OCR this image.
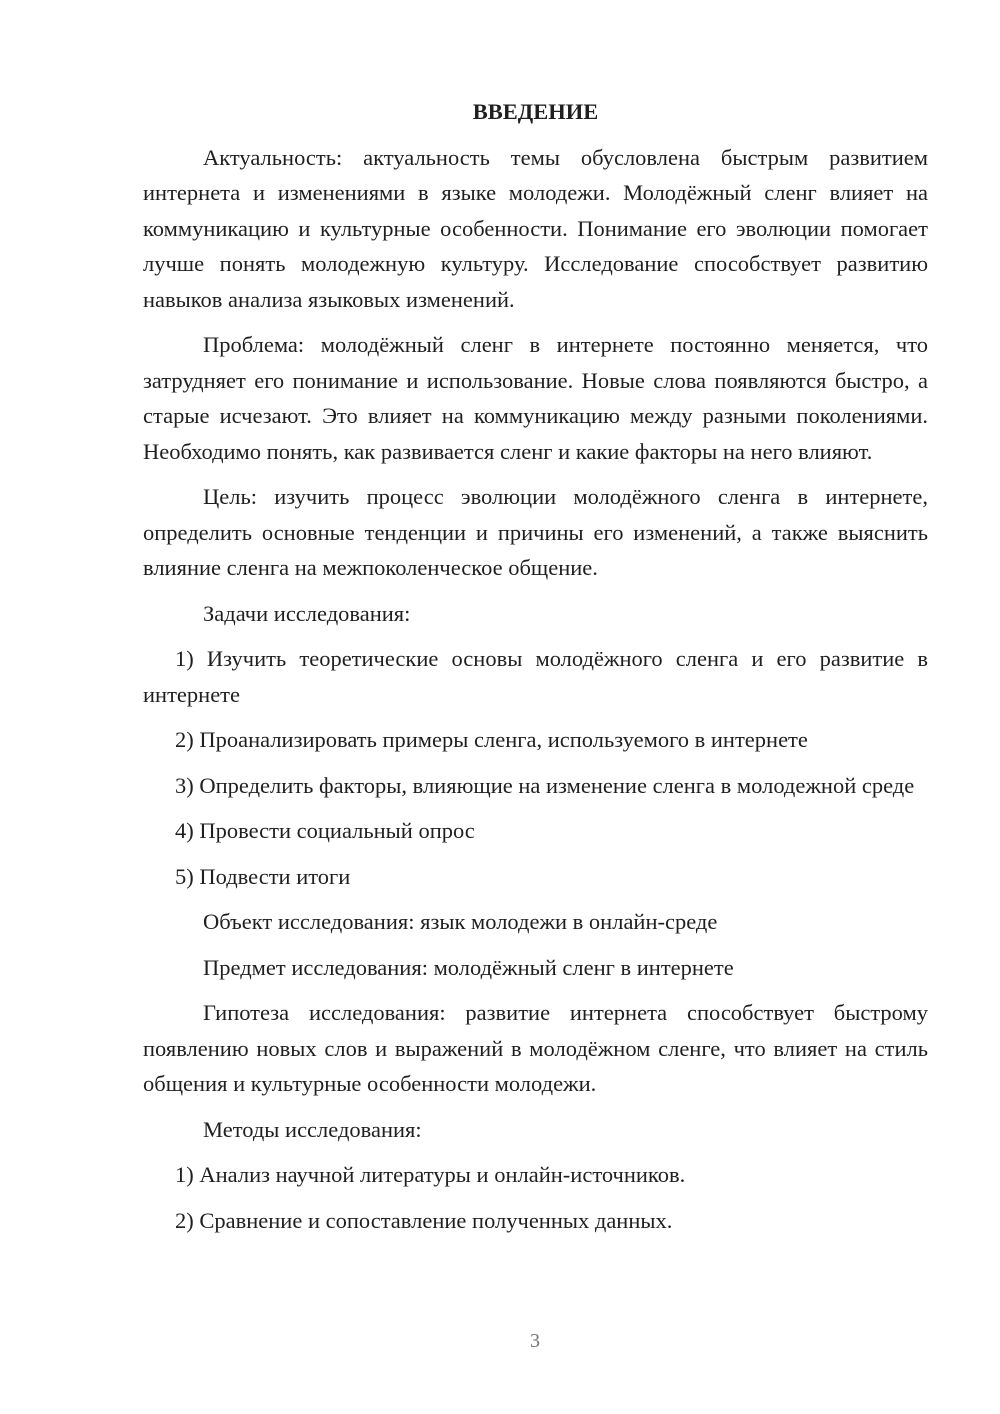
ВВЕДЕНИЕ

Актуальность: актуальность темы обусловлена быстрым развитием интернета и изменениями в языке молодежи. Молодёжный сленг влияет на коммуникацию и культурные особенности. Понимание его эволюции помогает лучше понять молодежную культуру. Исследование способствует развитию навыков анализа языковых изменений.

Проблема: молодёжный сленг в интернете постоянно меняется, что затрудняет его понимание и использование. Новые слова появляются быстро, а старые исчезают. Это влияет на коммуникацию между разными поколениями. Необходимо понять, как развивается сленг и какие факторы на него влияют.

Цель: изучить процесс эволюции молодёжного сленга в интернете, определить основные тенденции и причины его изменений, а также выяснить влияние сленга на межпоколенческое общение.

Задачи исследования:

1) Изучить теоретические основы молодёжного сленга и его развитие в интернете

2) Проанализировать примеры сленга, используемого в интернете

3) Определить факторы, влияющие на изменение сленга в молодежной среде

4) Провести социальный опрос

5) Подвести итоги

Объект исследования: язык молодежи в онлайн-среде

Предмет исследования: молодёжный сленг в интернете

Гипотеза исследования: развитие интернета способствует быстрому появлению новых слов и выражений в молодёжном сленге, что влияет на стиль общения и культурные особенности молодежи.

Методы исследования:

1) Анализ научной литературы и онлайн-источников.

2) Сравнение и сопоставление полученных данных.

3
